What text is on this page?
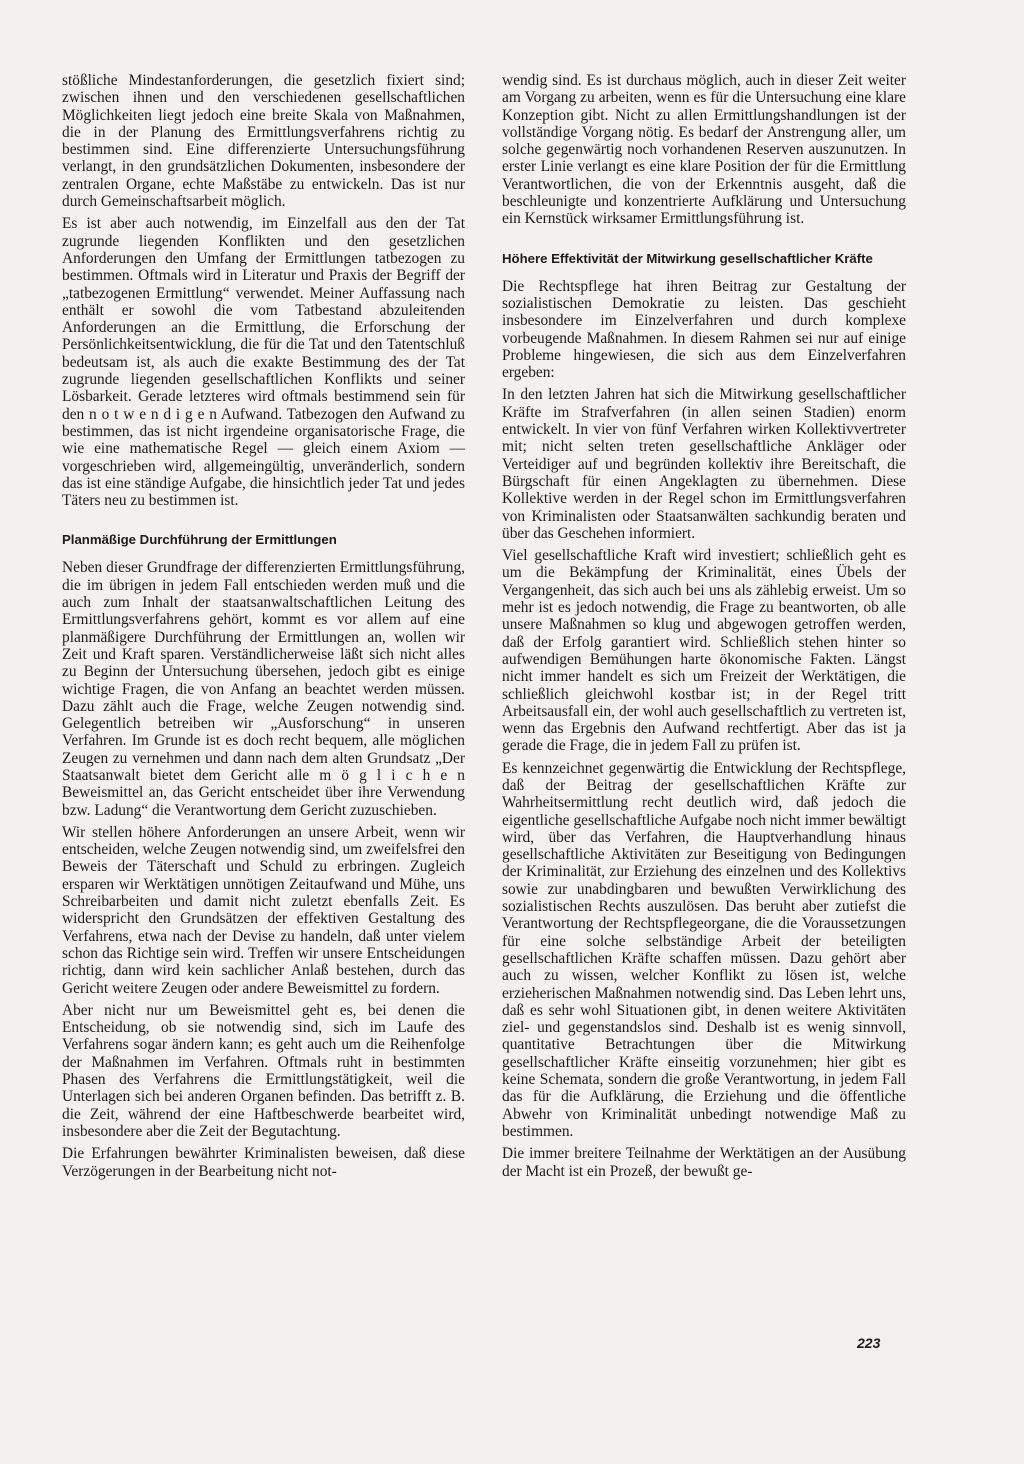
stößliche Mindestanforderungen, die gesetzlich fixiert sind; zwischen ihnen und den verschiedenen gesellschaftlichen Möglichkeiten liegt jedoch eine breite Skala von Maßnahmen, die in der Planung des Ermittlungsverfahrens richtig zu bestimmen sind. Eine differenzierte Untersuchungsführung verlangt, in den grundsätzlichen Dokumenten, insbesondere der zentralen Organe, echte Maßstäbe zu entwickeln. Das ist nur durch Gemeinschaftsarbeit möglich.

Es ist aber auch notwendig, im Einzelfall aus den der Tat zugrunde liegenden Konflikten und den gesetzlichen Anforderungen den Umfang der Ermittlungen tatbezogen zu bestimmen. Oftmals wird in Literatur und Praxis der Begriff der „tatbezogenen Ermittlung“ verwendet. Meiner Auffassung nach enthält er sowohl die vom Tatbestand abzuleitenden Anforderungen an die Ermittlung, die Erforschung der Persönlichkeitsentwicklung, die für die Tat und den Tatentschluß bedeutsam ist, als auch die exakte Bestimmung des der Tat zugrunde liegenden gesellschaftlichen Konflikts und seiner Lösbarkeit. Gerade letzteres wird oftmals bestimmend sein für den n o t w e n d i g e n Aufwand. Tatbezogen den Aufwand zu bestimmen, das ist nicht irgendeine organisatorische Frage, die wie eine mathematische Regel — gleich einem Axiom — vorgeschrieben wird, allgemeingültig, unveränderlich, sondern das ist eine ständige Aufgabe, die hinsichtlich jeder Tat und jedes Täters neu zu bestimmen ist.

Planmäßige Durchführung der Ermittlungen

Neben dieser Grundfrage der differenzierten Ermittlungsführung, die im übrigen in jedem Fall entschieden werden muß und die auch zum Inhalt der staatsanwaltschaftlichen Leitung des Ermittlungsverfahrens gehört, kommt es vor allem auf eine planmäßigere Durchführung der Ermittlungen an, wollen wir Zeit und Kraft sparen. Verständlicherweise läßt sich nicht alles zu Beginn der Untersuchung übersehen, jedoch gibt es einige wichtige Fragen, die von Anfang an beachtet werden müssen. Dazu zählt auch die Frage, welche Zeugen notwendig sind. Gelegentlich betreiben wir „Ausforschung“ in unseren Verfahren. Im Grunde ist es doch recht bequem, alle möglichen Zeugen zu vernehmen und dann nach dem alten Grundsatz „Der Staatsanwalt bietet dem Gericht alle m ö g l i c h e n Beweismittel an, das Gericht entscheidet über ihre Verwendung bzw. Ladung“ die Verantwortung dem Gericht zuzuschieben.

Wir stellen höhere Anforderungen an unsere Arbeit, wenn wir entscheiden, welche Zeugen notwendig sind, um zweifelsfrei den Beweis der Täterschaft und Schuld zu erbringen. Zugleich ersparen wir Werktätigen unnötigen Zeitaufwand und Mühe, uns Schreibarbeiten und damit nicht zuletzt ebenfalls Zeit. Es widerspricht den Grundsätzen der effektiven Gestaltung des Verfahrens, etwa nach der Devise zu handeln, daß unter vielem schon das Richtige sein wird. Treffen wir unsere Entscheidungen richtig, dann wird kein sachlicher Anlaß bestehen, durch das Gericht weitere Zeugen oder andere Beweismittel zu fordern.

Aber nicht nur um Beweismittel geht es, bei denen die Entscheidung, ob sie notwendig sind, sich im Laufe des Verfahrens sogar ändern kann; es geht auch um die Reihenfolge der Maßnahmen im Verfahren. Oftmals ruht in bestimmten Phasen des Verfahrens die Ermittlungstätigkeit, weil die Unterlagen sich bei anderen Organen befinden. Das betrifft z. B. die Zeit, während der eine Haftbeschwerde bearbeitet wird, insbesondere aber die Zeit der Begutachtung.

Die Erfahrungen bewährter Kriminalisten beweisen, daß diese Verzögerungen in der Bearbeitung nicht not-

wendig sind. Es ist durchaus möglich, auch in dieser Zeit weiter am Vorgang zu arbeiten, wenn es für die Untersuchung eine klare Konzeption gibt. Nicht zu allen Ermittlungshandlungen ist der vollständige Vorgang nötig. Es bedarf der Anstrengung aller, um solche gegenwärtig noch vorhandenen Reserven auszunutzen. In erster Linie verlangt es eine klare Position der für die Ermittlung Verantwortlichen, die von der Erkenntnis ausgeht, daß die beschleunigte und konzentrierte Aufklärung und Untersuchung ein Kernstück wirksamer Ermittlungsführung ist.

Höhere Effektivität der Mitwirkung gesellschaftlicher Kräfte

Die Rechtspflege hat ihren Beitrag zur Gestaltung der sozialistischen Demokratie zu leisten. Das geschieht insbesondere im Einzelverfahren und durch komplexe vorbeugende Maßnahmen. In diesem Rahmen sei nur auf einige Probleme hingewiesen, die sich aus dem Einzelverfahren ergeben:

In den letzten Jahren hat sich die Mitwirkung gesellschaftlicher Kräfte im Strafverfahren (in allen seinen Stadien) enorm entwickelt. In vier von fünf Verfahren wirken Kollektivvertreter mit; nicht selten treten gesellschaftliche Ankläger oder Verteidiger auf und begründen kollektiv ihre Bereitschaft, die Bürgschaft für einen Angeklagten zu übernehmen. Diese Kollektive werden in der Regel schon im Ermittlungsverfahren von Kriminalisten oder Staatsanwälten sachkundig beraten und über das Geschehen informiert.

Viel gesellschaftliche Kraft wird investiert; schließlich geht es um die Bekämpfung der Kriminalität, eines Übels der Vergangenheit, das sich auch bei uns als zählebig erweist. Um so mehr ist es jedoch notwendig, die Frage zu beantworten, ob alle unsere Maßnahmen so klug und abgewogen getroffen werden, daß der Erfolg garantiert wird. Schließlich stehen hinter so aufwendigen Bemühungen harte ökonomische Fakten. Längst nicht immer handelt es sich um Freizeit der Werktätigen, die schließlich gleichwohl kostbar ist; in der Regel tritt Arbeitsausfall ein, der wohl auch gesellschaftlich zu vertreten ist, wenn das Ergebnis den Aufwand rechtfertigt. Aber das ist ja gerade die Frage, die in jedem Fall zu prüfen ist.

Es kennzeichnet gegenwärtig die Entwicklung der Rechtspflege, daß der Beitrag der gesellschaftlichen Kräfte zur Wahrheitsermittlung recht deutlich wird, daß jedoch die eigentliche gesellschaftliche Aufgabe noch nicht immer bewältigt wird, über das Verfahren, die Hauptverhandlung hinaus gesellschaftliche Aktivitäten zur Beseitigung von Bedingungen der Kriminalität, zur Erziehung des einzelnen und des Kollektivs sowie zur unabdingbaren und bewußten Verwirklichung des sozialistischen Rechts auszulösen. Das beruht aber zutiefst die Verantwortung der Rechtspflegeorgane, die die Voraussetzungen für eine solche selbständige Arbeit der beteiligten gesellschaftlichen Kräfte schaffen müssen. Dazu gehört aber auch zu wissen, welcher Konflikt zu lösen ist, welche erzieherischen Maßnahmen notwendig sind. Das Leben lehrt uns, daß es sehr wohl Situationen gibt, in denen weitere Aktivitäten ziel- und gegenstandslos sind. Deshalb ist es wenig sinnvoll, quantitative Betrachtungen über die Mitwirkung gesellschaftlicher Kräfte einseitig vorzunehmen; hier gibt es keine Schemata, sondern die große Verantwortung, in jedem Fall das für die Aufklärung, die Erziehung und die öffentliche Abwehr von Kriminalität unbedingt notwendige Maß zu bestimmen.

Die immer breitere Teilnahme der Werktätigen an der Ausübung der Macht ist ein Prozeß, der bewußt ge-

223
